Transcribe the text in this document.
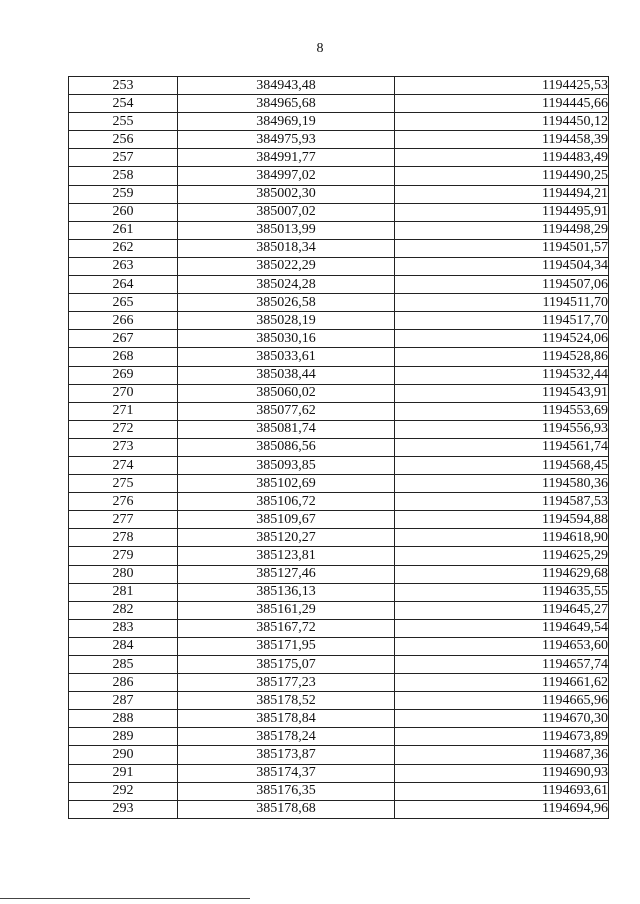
8
253	384943,48	1194425,53
254	384965,68	1194445,66
255	384969,19	1194450,12
256	384975,93	1194458,39
257	384991,77	1194483,49
258	384997,02	1194490,25
259	385002,30	1194494,21
260	385007,02	1194495,91
261	385013,99	1194498,29
262	385018,34	1194501,57
263	385022,29	1194504,34
264	385024,28	1194507,06
265	385026,58	1194511,70
266	385028,19	1194517,70
267	385030,16	1194524,06
268	385033,61	1194528,86
269	385038,44	1194532,44
270	385060,02	1194543,91
271	385077,62	1194553,69
272	385081,74	1194556,93
273	385086,56	1194561,74
274	385093,85	1194568,45
275	385102,69	1194580,36
276	385106,72	1194587,53
277	385109,67	1194594,88
278	385120,27	1194618,90
279	385123,81	1194625,29
280	385127,46	1194629,68
281	385136,13	1194635,55
282	385161,29	1194645,27
283	385167,72	1194649,54
284	385171,95	1194653,60
285	385175,07	1194657,74
286	385177,23	1194661,62
287	385178,52	1194665,96
288	385178,84	1194670,30
289	385178,24	1194673,89
290	385173,87	1194687,36
291	385174,37	1194690,93
292	385176,35	1194693,61
293	385178,68	1194694,96
